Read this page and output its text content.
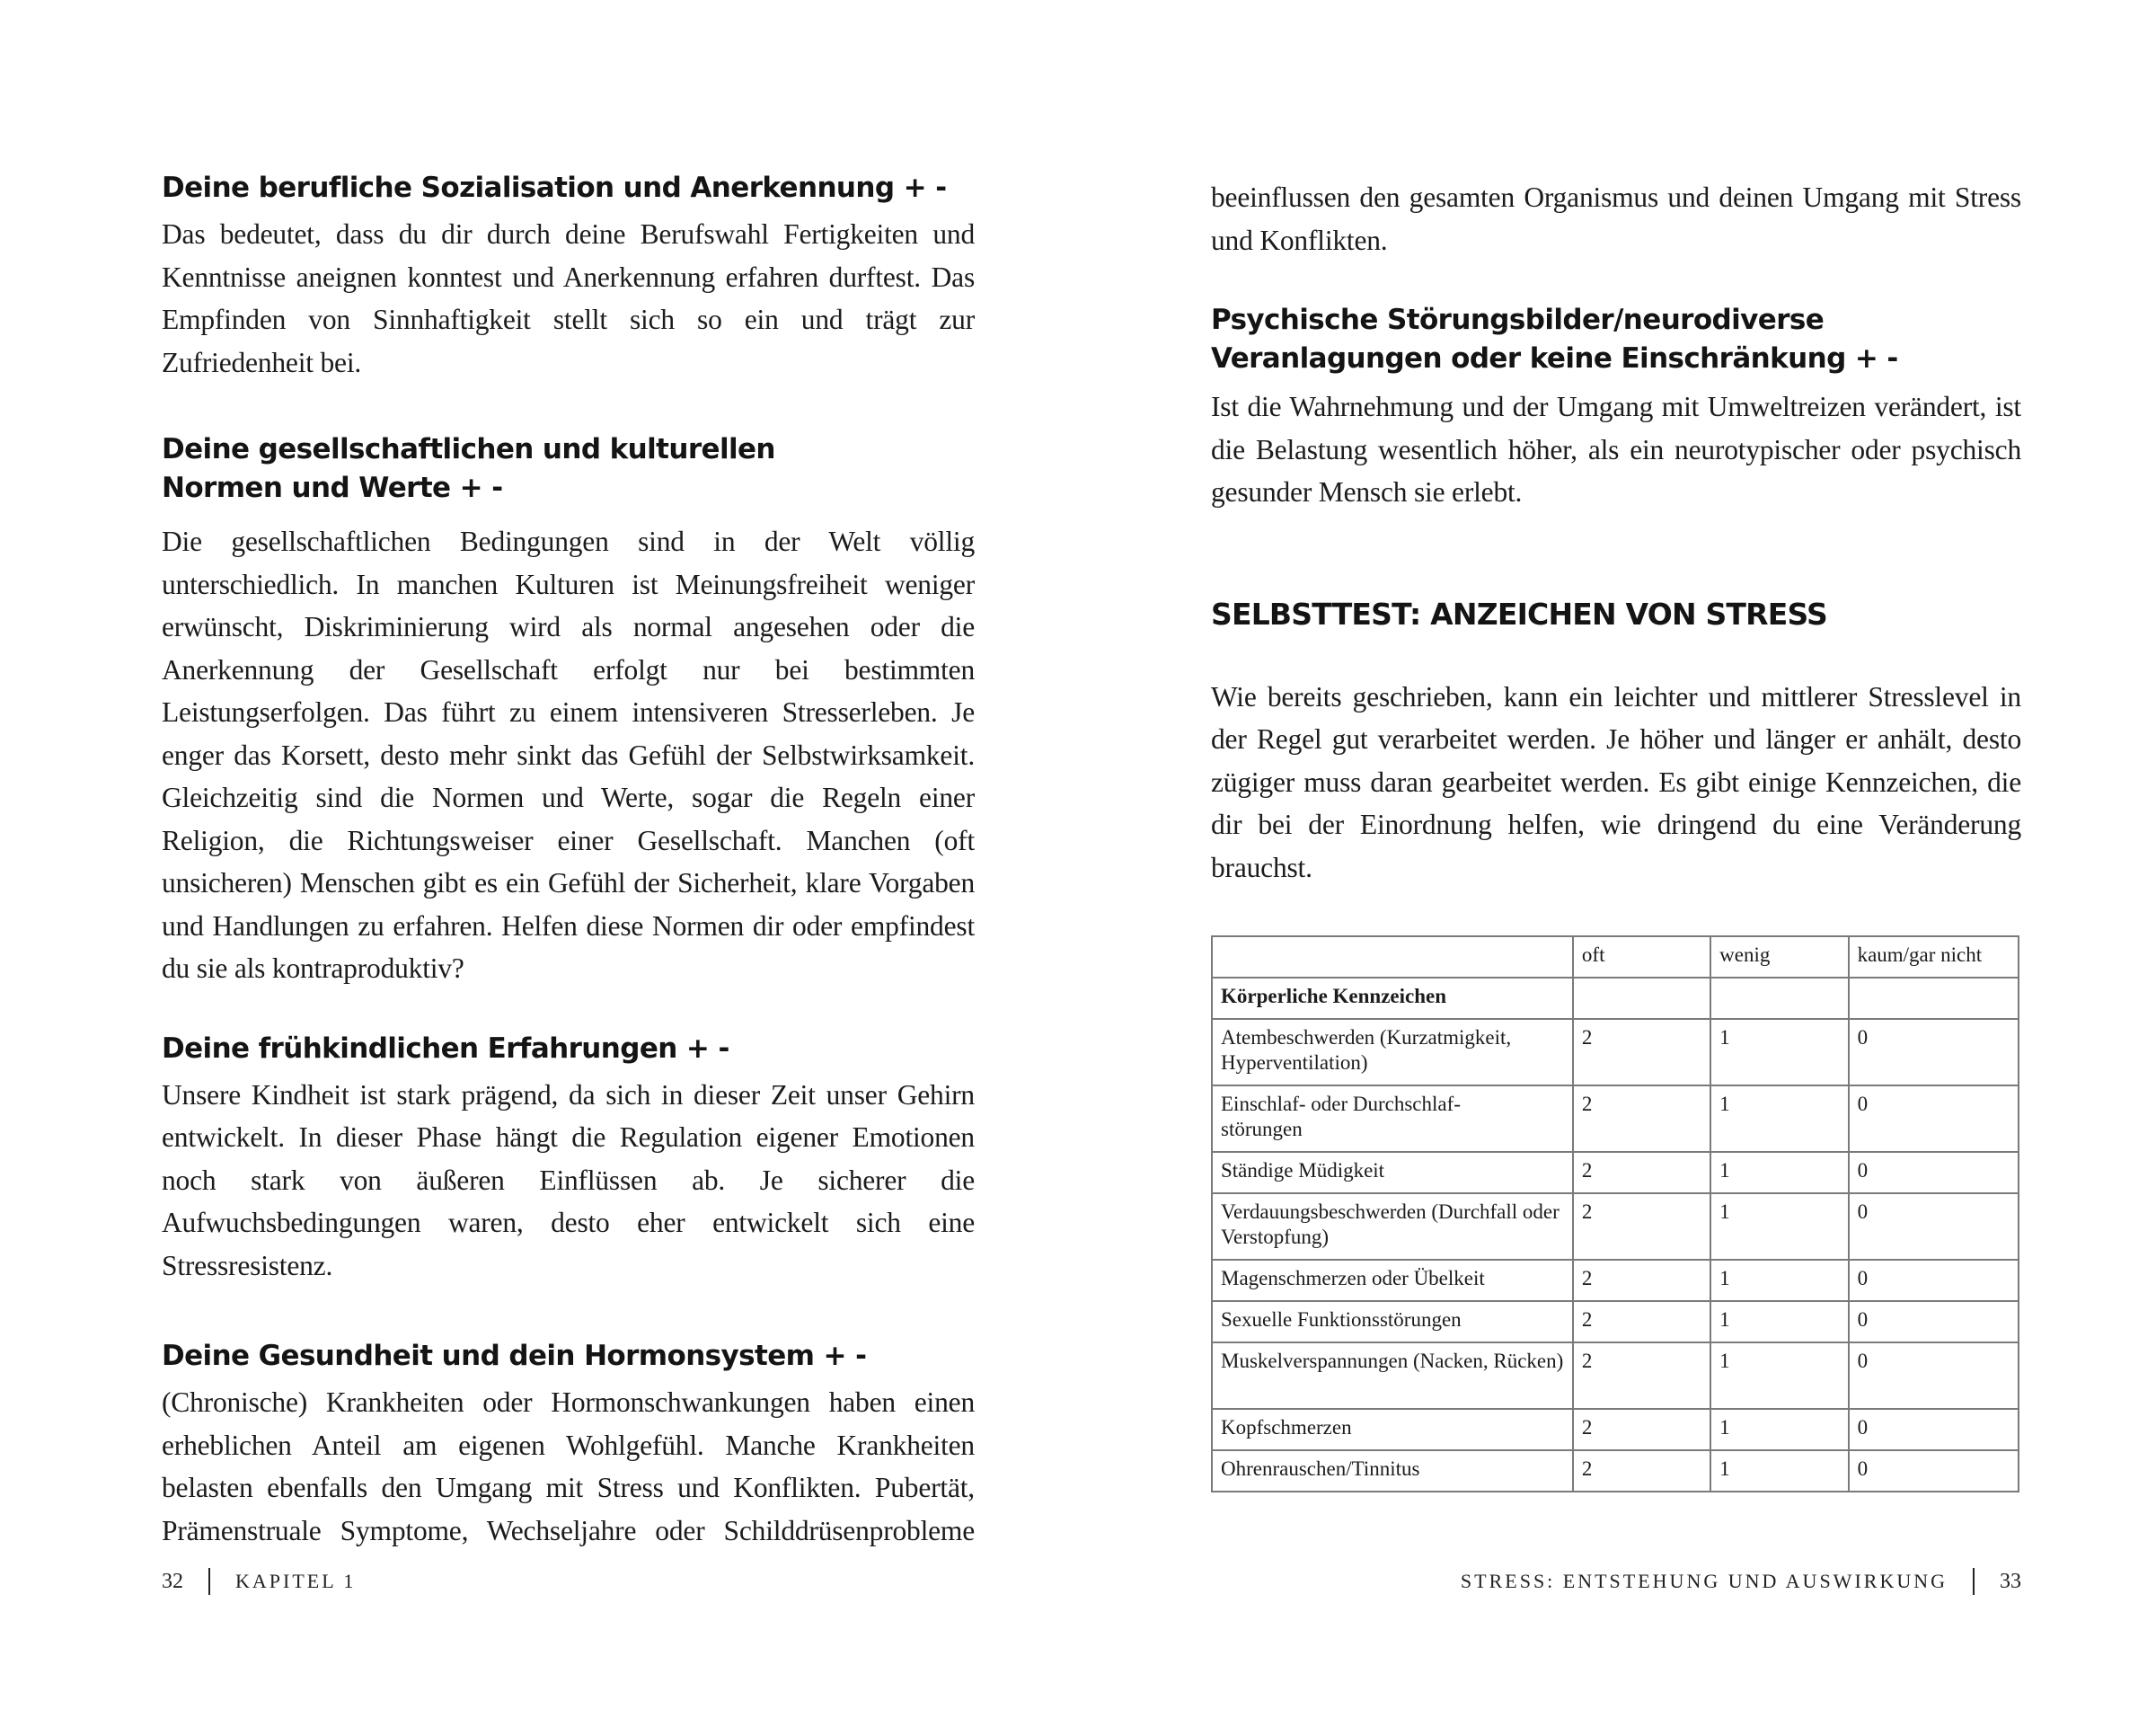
Deine berufliche Sozialisation und Anerkennung + -

Das bedeutet, dass du dir durch deine Berufswahl Fertigkeiten und Kenntnisse aneignen konntest und Anerkennung erfahren durftest. Das Empfinden von Sinnhaftigkeit stellt sich so ein und trägt zur Zufriedenheit bei.

Deine gesellschaftlichen und kulturellen Normen und Werte + -

Die gesellschaftlichen Bedingungen sind in der Welt völlig unterschiedlich. In manchen Kulturen ist Meinungsfreiheit weniger erwünscht, Diskriminierung wird als normal angesehen oder die Anerkennung der Gesellschaft erfolgt nur bei bestimmten Leistungserfolgen. Das führt zu einem intensiveren Stresserleben. Je enger das Korsett, desto mehr sinkt das Gefühl der Selbstwirksamkeit. Gleichzeitig sind die Normen und Werte, sogar die Regeln einer Religion, die Richtungsweiser einer Gesellschaft. Manchen (oft unsicheren) Menschen gibt es ein Gefühl der Sicherheit, klare Vorgaben und Handlungen zu erfahren. Helfen diese Normen dir oder empfindest du sie als kontraproduktiv?

Deine frühkindlichen Erfahrungen + -

Unsere Kindheit ist stark prägend, da sich in dieser Zeit unser Gehirn entwickelt. In dieser Phase hängt die Regulation eigener Emotionen noch stark von äußeren Einflüssen ab. Je sicherer die Aufwuchsbedingungen waren, desto eher entwickelt sich eine Stressresistenz.

Deine Gesundheit und dein Hormonsystem + -

(Chronische) Krankheiten oder Hormonschwankungen haben einen erheblichen Anteil am eigenen Wohlgefühl. Manche Krankheiten belasten ebenfalls den Umgang mit Stress und Konflikten. Pubertät, Prämenstruale Symptome, Wechseljahre oder Schilddrüsenprobleme

32	KAPITEL 1

beeinflussen den gesamten Organismus und deinen Umgang mit Stress und Konflikten.

Psychische Störungsbilder/neurodiverse Veranlagungen oder keine Einschränkung + -

Ist die Wahrnehmung und der Umgang mit Umweltreizen verändert, ist die Belastung wesentlich höher, als ein neurotypischer oder psychisch gesunder Mensch sie erlebt.

SELBSTTEST: ANZEICHEN VON STRESS

Wie bereits geschrieben, kann ein leichter und mittlerer Stresslevel in der Regel gut verarbeitet werden. Je höher und länger er anhält, desto zügiger muss daran gearbeitet werden. Es gibt einige Kennzeichen, die dir bei der Einordnung helfen, wie dringend du eine Veränderung brauchst.

	oft	wenig	kaum/gar nicht
Körperliche Kennzeichen			
Atembeschwerden (Kurzatmigkeit, Hyperventilation)	2	1	0
Einschlaf- oder Durchschlaf-
störungen	2	1	0
Ständige Müdigkeit	2	1	0
Verdauungsbeschwerden (Durchfall oder Verstopfung)	2	1	0
Magenschmerzen oder Übelkeit	2	1	0
Sexuelle Funktionsstörungen	2	1	0
Muskelverspannungen (Nacken, Rücken)	2	1	0
Kopfschmerzen	2	1	0
Ohrenrauschen/Tinnitus	2	1	0
STRESS: ENTSTEHUNG UND AUSWIRKUNG 33
